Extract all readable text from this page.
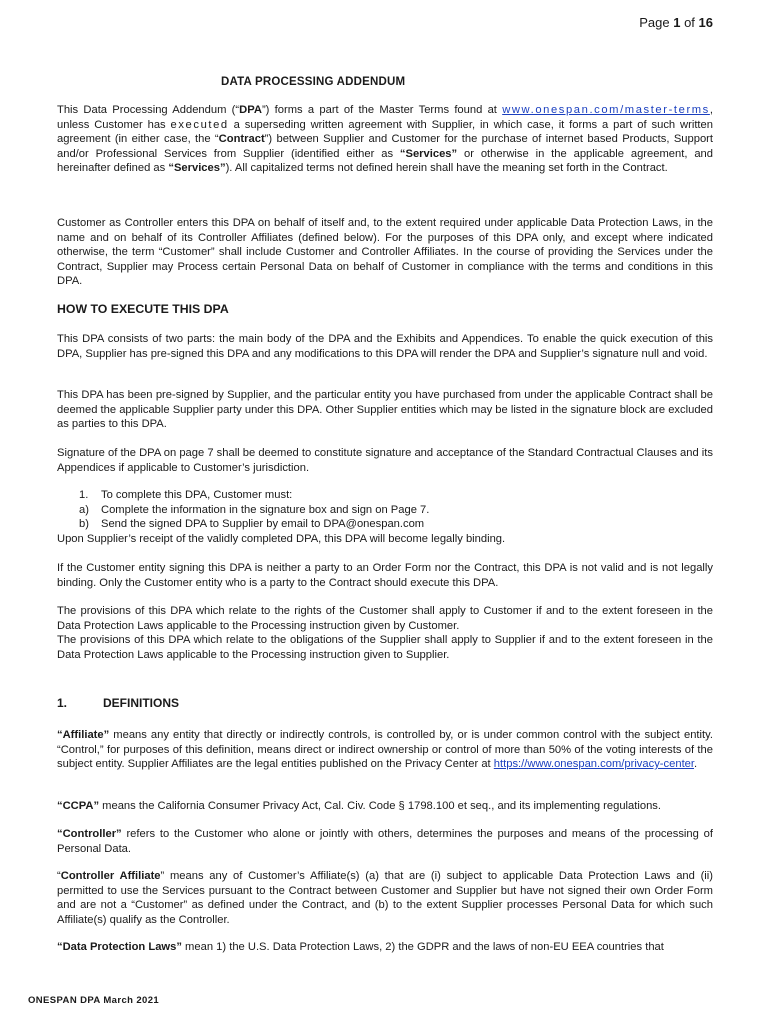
Page 1 of 16
DATA PROCESSING ADDENDUM

This Data Processing Addendum (“DPA”) forms a part of the Master Terms found at www.onespan.com/master-terms, unless Customer has executed a superseding written agreement with Supplier, in which case, it forms a part of such written agreement (in either case, the “Contract”) between Supplier and Customer for the purchase of internet based Products, Support and/or Professional Services from Supplier (identified either as “Services” or otherwise in the applicable agreement, and hereinafter defined as “Services”). All capitalized terms not defined herein shall have the meaning set forth in the Contract.

Customer as Controller enters this DPA on behalf of itself and, to the extent required under applicable Data Protection Laws, in the name and on behalf of its Controller Affiliates (defined below). For the purposes of this DPA only, and except where indicated otherwise, the term “Customer” shall include Customer and Controller Affiliates. In the course of providing the Services under the Contract, Supplier may Process certain Personal Data on behalf of Customer in compliance with the terms and conditions in this DPA.

HOW TO EXECUTE THIS DPA

This DPA consists of two parts: the main body of the DPA and the Exhibits and Appendices. To enable the quick execution of this DPA, Supplier has pre-signed this DPA and any modifications to this DPA will render the DPA and Supplier’s signature null and void.

This DPA has been pre-signed by Supplier, and the particular entity you have purchased from under the applicable Contract shall be deemed the applicable Supplier party under this DPA. Other Supplier entities which may be listed in the signature block are excluded as parties to this DPA.

Signature of the DPA on page 7 shall be deemed to constitute signature and acceptance of the Standard Contractual Clauses and its Appendices if applicable to Customer’s jurisdiction.

1.	To complete this DPA, Customer must:
a)	Complete the information in the signature box and sign on Page 7.
b)	Send the signed DPA to Supplier by email to DPA@onespan.com

Upon Supplier’s receipt of the validly completed DPA, this DPA will become legally binding.

If the Customer entity signing this DPA is neither a party to an Order Form nor the Contract, this DPA is not valid and is not legally binding. Only the Customer entity who is a party to the Contract should execute this DPA.

The provisions of this DPA which relate to the rights of the Customer shall apply to Customer if and to the extent foreseen in the Data Protection Laws applicable to the Processing instruction given by Customer.

The provisions of this DPA which relate to the obligations of the Supplier shall apply to Supplier if and to the extent foreseen in the Data Protection Laws applicable to the Processing instruction given to Supplier.

1.	DEFINITIONS

“Affiliate” means any entity that directly or indirectly controls, is controlled by, or is under common control with the subject entity. “Control,” for purposes of this definition, means direct or indirect ownership or control of more than 50% of the voting interests of the subject entity. Supplier Affiliates are the legal entities published on the Privacy Center at https://www.onespan.com/privacy-center.

“CCPA” means the California Consumer Privacy Act, Cal. Civ. Code § 1798.100 et seq., and its implementing regulations.

“Controller” refers to the Customer who alone or jointly with others, determines the purposes and means of the processing of Personal Data.

“Controller Affiliate” means any of Customer’s Affiliate(s) (a) that are (i) subject to applicable Data Protection Laws and (ii) permitted to use the Services pursuant to the Contract between Customer and Supplier but have not signed their own Order Form and are not a “Customer” as defined under the Contract, and (b) to the extent Supplier processes Personal Data for which such Affiliate(s) qualify as the Controller.

“Data Protection Laws” mean 1) the U.S. Data Protection Laws, 2) the GDPR and the laws of non-EU EEA countries that

ONESPAN DPA March 2021
